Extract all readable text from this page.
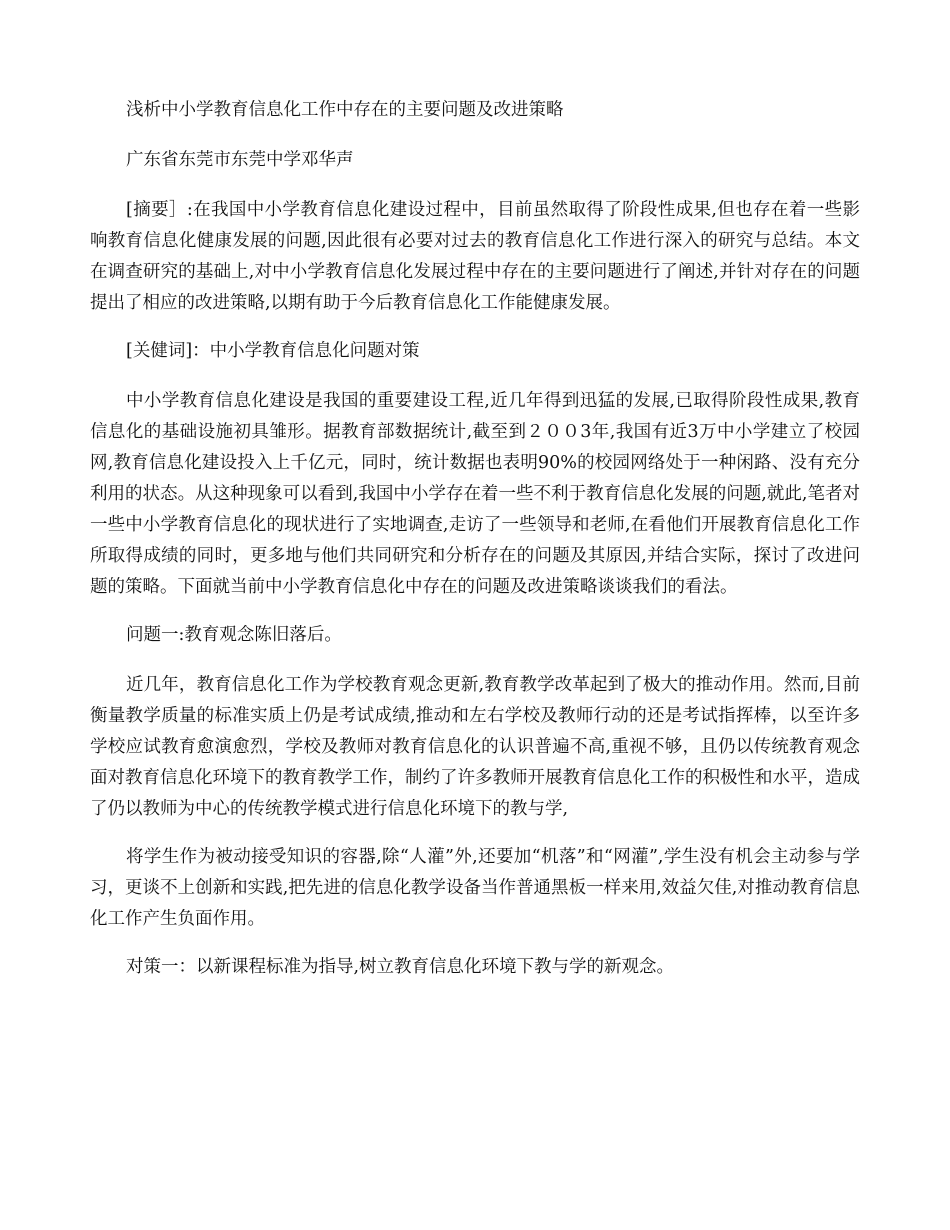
浅析中小学教育信息化工作中存在的主要问题及改进策略

广东省东莞市东莞中学邓华声

[摘要］:在我国中小学教育信息化建设过程中，目前虽然取得了阶段性成果,但也存在着一些影响教育信息化健康发展的问题,因此很有必要对过去的教育信息化工作进行深入的研究与总结。本文在调查研究的基础上,对中小学教育信息化发展过程中存在的主要问题进行了阐述,并针对存在的问题提出了相应的改进策略,以期有助于今后教育信息化工作能健康发展。

[关健词]：中小学教育信息化问题对策

中小学教育信息化建设是我国的重要建设工程,近几年得到迅猛的发展,已取得阶段性成果,教育信息化的基础设施初具雏形。据教育部数据统计,截至到２００3年,我国有近3万中小学建立了校园网,教育信息化建设投入上千亿元，同时，统计数据也表明90%的校园网络处于一种闲路、没有充分利用的状态。从这种现象可以看到,我国中小学存在着一些不利于教育信息化发展的问题,就此,笔者对一些中小学教育信息化的现状进行了实地调查,走访了一些领导和老师,在看他们开展教育信息化工作所取得成绩的同时，更多地与他们共同研究和分析存在的问题及其原因,并结合实际，探讨了改进问题的策略。下面就当前中小学教育信息化中存在的问题及改进策略谈谈我们的看法。

问题一:教育观念陈旧落后。

近几年，教育信息化工作为学校教育观念更新,教育教学改革起到了极大的推动作用。然而,目前衡量教学质量的标准实质上仍是考试成绩,推动和左右学校及教师行动的还是考试指挥棒，以至许多学校应试教育愈演愈烈，学校及教师对教育信息化的认识普遍不高,重视不够，且仍以传统教育观念面对教育信息化环境下的教育教学工作，制约了许多教师开展教育信息化工作的积极性和水平，造成了仍以教师为中心的传统教学模式进行信息化环境下的教与学,

将学生作为被动接受知识的容器,除“人灌”外,还要加“机落”和“网灌”,学生没有机会主动参与学习，更谈不上创新和实践,把先进的信息化教学设备当作普通黑板一样来用,效益欠佳,对推动教育信息化工作产生负面作用。

对策一：以新课程标准为指导,树立教育信息化环境下教与学的新观念。
